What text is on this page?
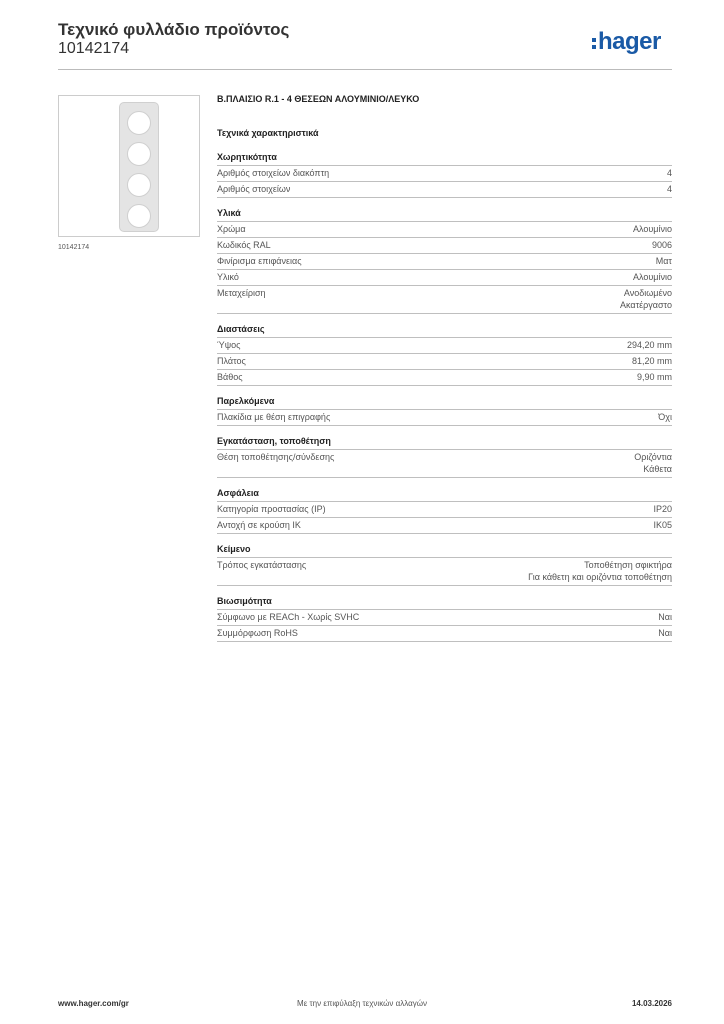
Τεχνικό φυλλάδιο προϊόντος
10142174	hager
10142174
Β.ΠΛΑΙΣΙΟ R.1 - 4 ΘΕΣΕΩΝ ΑΛΟΥΜΙΝΙΟ/ΛΕΥΚΟ
Τεχνικά χαρακτηριστικά
Χωρητικότητα
Αριθμός στοιχείων διακόπτη	4
Αριθμός στοιχείων	4
Υλικά
Χρώμα	Αλουμίνιο
Κωδικός RAL	9006
Φινίρισμα επιφάνειας	Ματ
Υλικό	Αλουμίνιο
Μεταχείριση	Ανοδιωμένο
Ακατέργαστο
Διαστάσεις
Ύψος	294,20 mm
Πλάτος	81,20 mm
Βάθος	9,90 mm
Παρελκόμενα
Πλακίδια με θέση επιγραφής	Όχι
Εγκατάσταση, τοποθέτηση
Θέση τοποθέτησης/σύνδεσης	Οριζόντια
Κάθετα
Ασφάλεια
Κατηγορία προστασίας (IP)	IP20
Αντοχή σε κρούση IK	IK05
Κείμενο
Τρόπος εγκατάστασης	Τοποθέτηση σφικτήρα
Για κάθετη και οριζόντια τοποθέτηση
Βιωσιμότητα
Σύμφωνο με REACh - Χωρίς SVHC	Ναι
Συμμόρφωση RoHS	Ναι
www.hager.com/gr	Με την επιφύλαξη τεχνικών αλλαγών	14.03.2026
